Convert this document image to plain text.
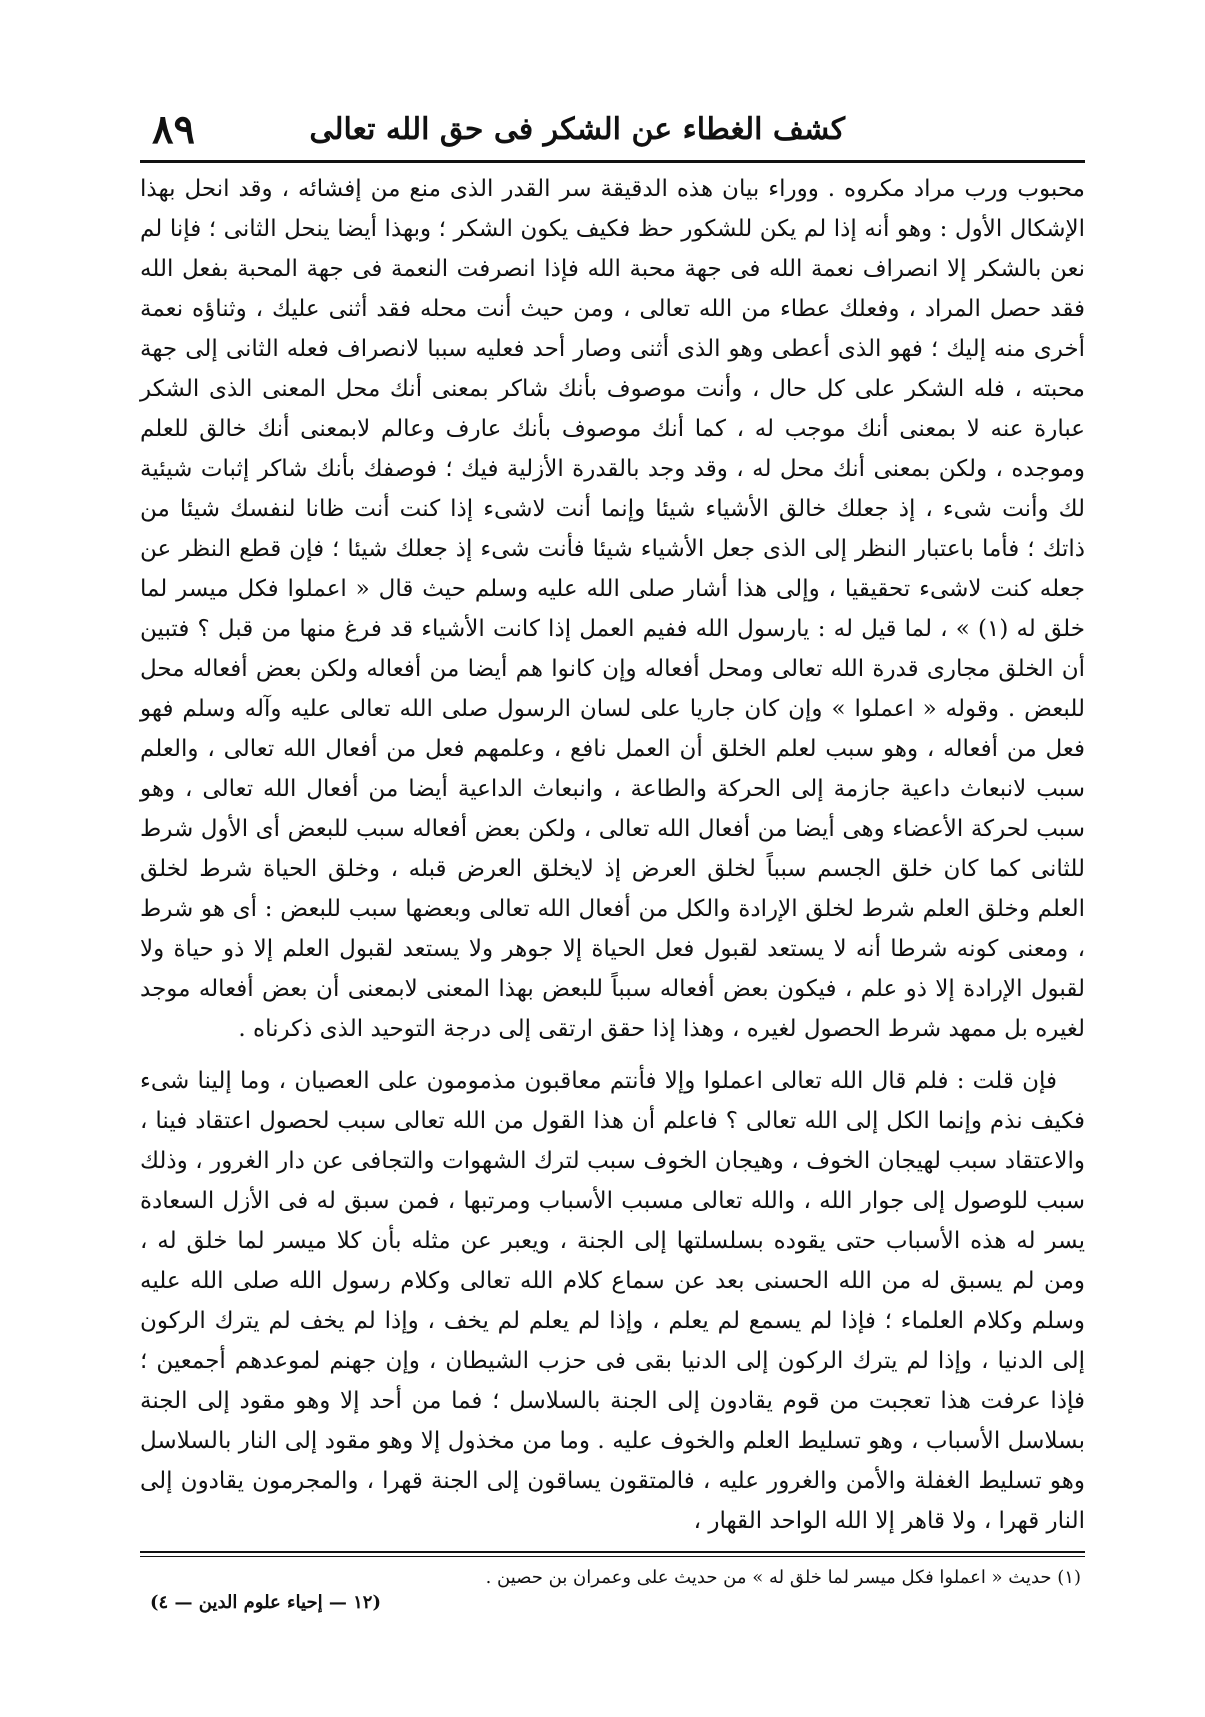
كشف الغطاء عن الشكر فى حق الله تعالى
٨٩

محبوب ورب مراد مكروه . ووراء بيان هذه الدقيقة سر القدر الذى منع من إفشائه ، وقد انحل بهذا الإشكال الأول : وهو أنه إذا لم يكن للشكور حظ فكيف يكون الشكر ؛ وبهذا أيضا ينحل الثانى ؛ فإنا لم نعن بالشكر إلا انصراف نعمة الله فى جهة محبة الله فإذا انصرفت النعمة فى جهة المحبة بفعل الله فقد حصل المراد ، وفعلك عطاء من الله تعالى ، ومن حيث أنت محله فقد أثنى عليك ، وثناؤه نعمة أخرى منه إليك ؛ فهو الذى أعطى وهو الذى أثنى وصار أحد فعليه سببا لانصراف فعله الثانى إلى جهة محبته ، فله الشكر على كل حال ، وأنت موصوف بأنك شاكر بمعنى أنك محل المعنى الذى الشكر عبارة عنه لا بمعنى أنك موجب له ، كما أنك موصوف بأنك عارف وعالم لابمعنى أنك خالق للعلم وموجده ، ولكن بمعنى أنك محل له ، وقد وجد بالقدرة الأزلية فيك ؛ فوصفك بأنك شاكر إثبات شيئية لك وأنت شىء ، إذ جعلك خالق الأشياء شيئا وإنما أنت لاشىء إذا كنت أنت ظانا لنفسك شيئا من ذاتك ؛ فأما باعتبار النظر إلى الذى جعل الأشياء شيئا فأنت شىء إذ جعلك شيئا ؛ فإن قطع النظر عن جعله كنت لاشىء تحقيقيا ، وإلى هذا أشار صلى الله عليه وسلم حيث قال « اعملوا فكل ميسر لما خلق له (١) » ، لما قيل له : يارسول الله ففيم العمل إذا كانت الأشياء قد فرغ منها من قبل ؟ فتبين أن الخلق مجارى قدرة الله تعالى ومحل أفعاله وإن كانوا هم أيضا من أفعاله ولكن بعض أفعاله محل للبعض . وقوله « اعملوا » وإن كان جاريا على لسان الرسول صلى الله تعالى عليه وآله وسلم فهو فعل من أفعاله ، وهو سبب لعلم الخلق أن العمل نافع ، وعلمهم فعل من أفعال الله تعالى ، والعلم سبب لانبعاث داعية جازمة إلى الحركة والطاعة ، وانبعاث الداعية أيضا من أفعال الله تعالى ، وهو سبب لحركة الأعضاء وهى أيضا من أفعال الله تعالى ، ولكن بعض أفعاله سبب للبعض أى الأول شرط للثانى كما كان خلق الجسم سبباً لخلق العرض إذ لايخلق العرض قبله ، وخلق الحياة شرط لخلق العلم وخلق العلم شرط لخلق الإرادة والكل من أفعال الله تعالى وبعضها سبب للبعض : أى هو شرط ، ومعنى كونه شرطا أنه لا يستعد لقبول فعل الحياة إلا جوهر ولا يستعد لقبول العلم إلا ذو حياة ولا لقبول الإرادة إلا ذو علم ، فيكون بعض أفعاله سبباً للبعض بهذا المعنى لابمعنى أن بعض أفعاله موجد لغيره بل ممهد شرط الحصول لغيره ، وهذا إذا حقق ارتقى إلى درجة التوحيد الذى ذكرناه .

فإن قلت : فلم قال الله تعالى اعملوا وإلا فأنتم معاقبون مذمومون على العصيان ، وما إلينا شىء فكيف نذم وإنما الكل إلى الله تعالى ؟ فاعلم أن هذا القول من الله تعالى سبب لحصول اعتقاد فينا ، والاعتقاد سبب لهيجان الخوف ، وهيجان الخوف سبب لترك الشهوات والتجافى عن دار الغرور ، وذلك سبب للوصول إلى جوار الله ، والله تعالى مسبب الأسباب ومرتبها ، فمن سبق له فى الأزل السعادة يسر له هذه الأسباب حتى يقوده بسلسلتها إلى الجنة ، ويعبر عن مثله بأن كلا ميسر لما خلق له ، ومن لم يسبق له من الله الحسنى بعد عن سماع كلام الله تعالى وكلام رسول الله صلى الله عليه وسلم وكلام العلماء ؛ فإذا لم يسمع لم يعلم ، وإذا لم يعلم لم يخف ، وإذا لم يخف لم يترك الركون إلى الدنيا ، وإذا لم يترك الركون إلى الدنيا بقى فى حزب الشيطان ، وإن جهنم لموعدهم أجمعين ؛ فإذا عرفت هذا تعجبت من قوم يقادون إلى الجنة بالسلاسل ؛ فما من أحد إلا وهو مقود إلى الجنة بسلاسل الأسباب ، وهو تسليط العلم والخوف عليه . وما من مخذول إلا وهو مقود إلى النار بالسلاسل وهو تسليط الغفلة والأمن والغرور عليه ، فالمتقون يساقون إلى الجنة قهرا ، والمجرمون يقادون إلى النار قهرا ، ولا قاهر إلا الله الواحد القهار ،

(١) حديث « اعملوا فكل ميسر لما خلق له » من حديث على وعمران بن حصين .
(١٢ — إحياء علوم الدين — ٤)
